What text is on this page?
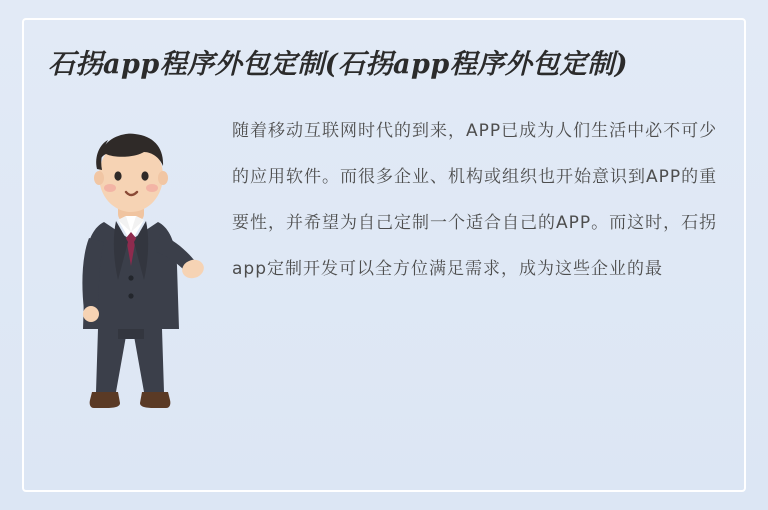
石拐app程序外包定制(石拐app程序外包定制)

随着移动互联网时代的到来，APP已成为人们生活中必不可少的应用软件。而很多企业、机构或组织也开始意识到APP的重要性，并希望为自己定制一个适合自己的APP。而这时，石拐app定制开发可以全方位满足需求，成为这些企业的最
